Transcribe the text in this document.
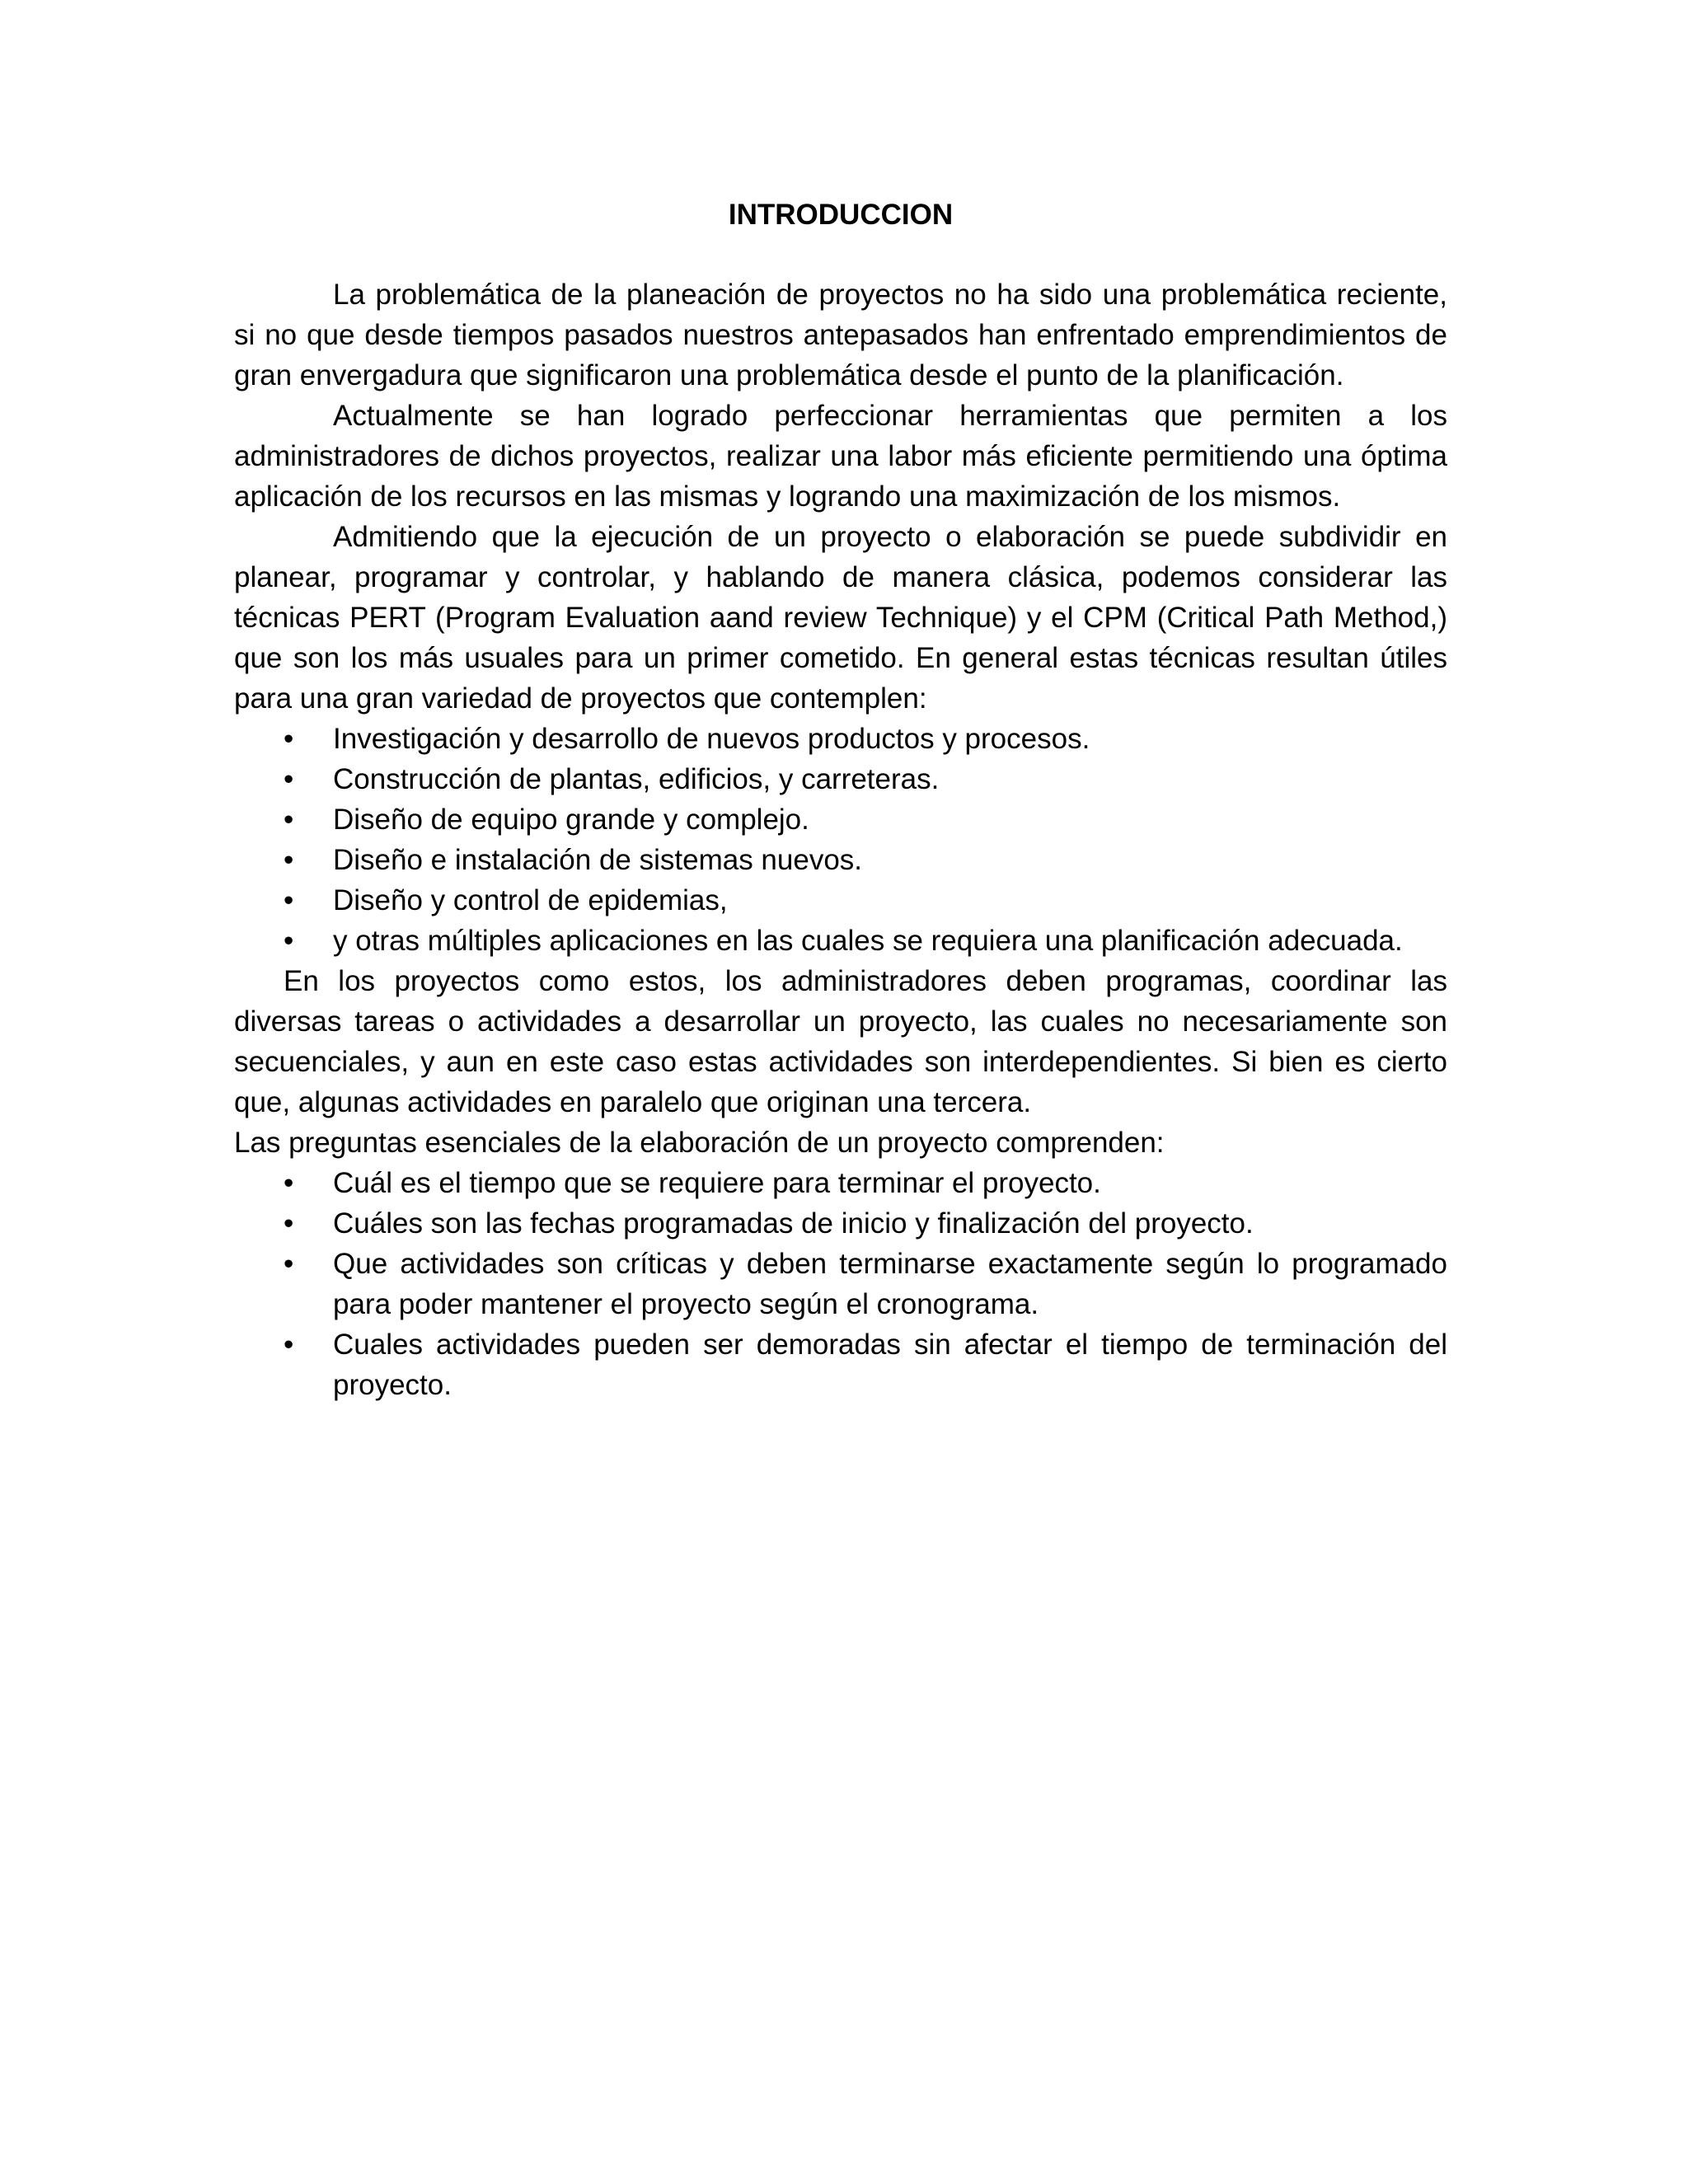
INTRODUCCION

La problemática de la planeación de proyectos no ha sido una problemática reciente, si no que desde tiempos pasados nuestros antepasados han enfrentado emprendimientos de gran envergadura que significaron una problemática desde el punto de la planificación.

Actualmente se han logrado perfeccionar herramientas que permiten a los administradores de dichos proyectos, realizar una labor más eficiente permitiendo una óptima aplicación de los recursos en las mismas y logrando una maximización de los mismos.

Admitiendo que la ejecución de un proyecto o elaboración se puede subdividir en planear, programar y controlar, y hablando de manera clásica, podemos considerar las técnicas PERT (Program Evaluation aand review Technique) y el CPM (Critical Path Method,) que son los más usuales para un primer cometido. En general estas técnicas resultan útiles para una gran variedad de proyectos que contemplen:

• Investigación y desarrollo de nuevos productos y procesos.
• Construcción de plantas, edificios, y carreteras.
• Diseño de equipo grande y complejo.
• Diseño e instalación de sistemas nuevos.
• Diseño y control de epidemias,
• y otras múltiples aplicaciones en las cuales se requiera una planificación adecuada.

En los proyectos como estos, los administradores deben programas, coordinar las diversas tareas o actividades a desarrollar un proyecto, las cuales no necesariamente son secuenciales, y aun en este caso estas actividades son interdependientes. Si bien es cierto que, algunas actividades en paralelo que originan una tercera.

Las preguntas esenciales de la elaboración de un proyecto comprenden:

• Cuál es el tiempo que se requiere para terminar el proyecto.
• Cuáles son las fechas programadas de inicio y finalización del proyecto.
• Que actividades son críticas y deben terminarse exactamente según lo programado para poder mantener el proyecto según el cronograma.
• Cuales actividades pueden ser demoradas sin afectar el tiempo de terminación del proyecto.
